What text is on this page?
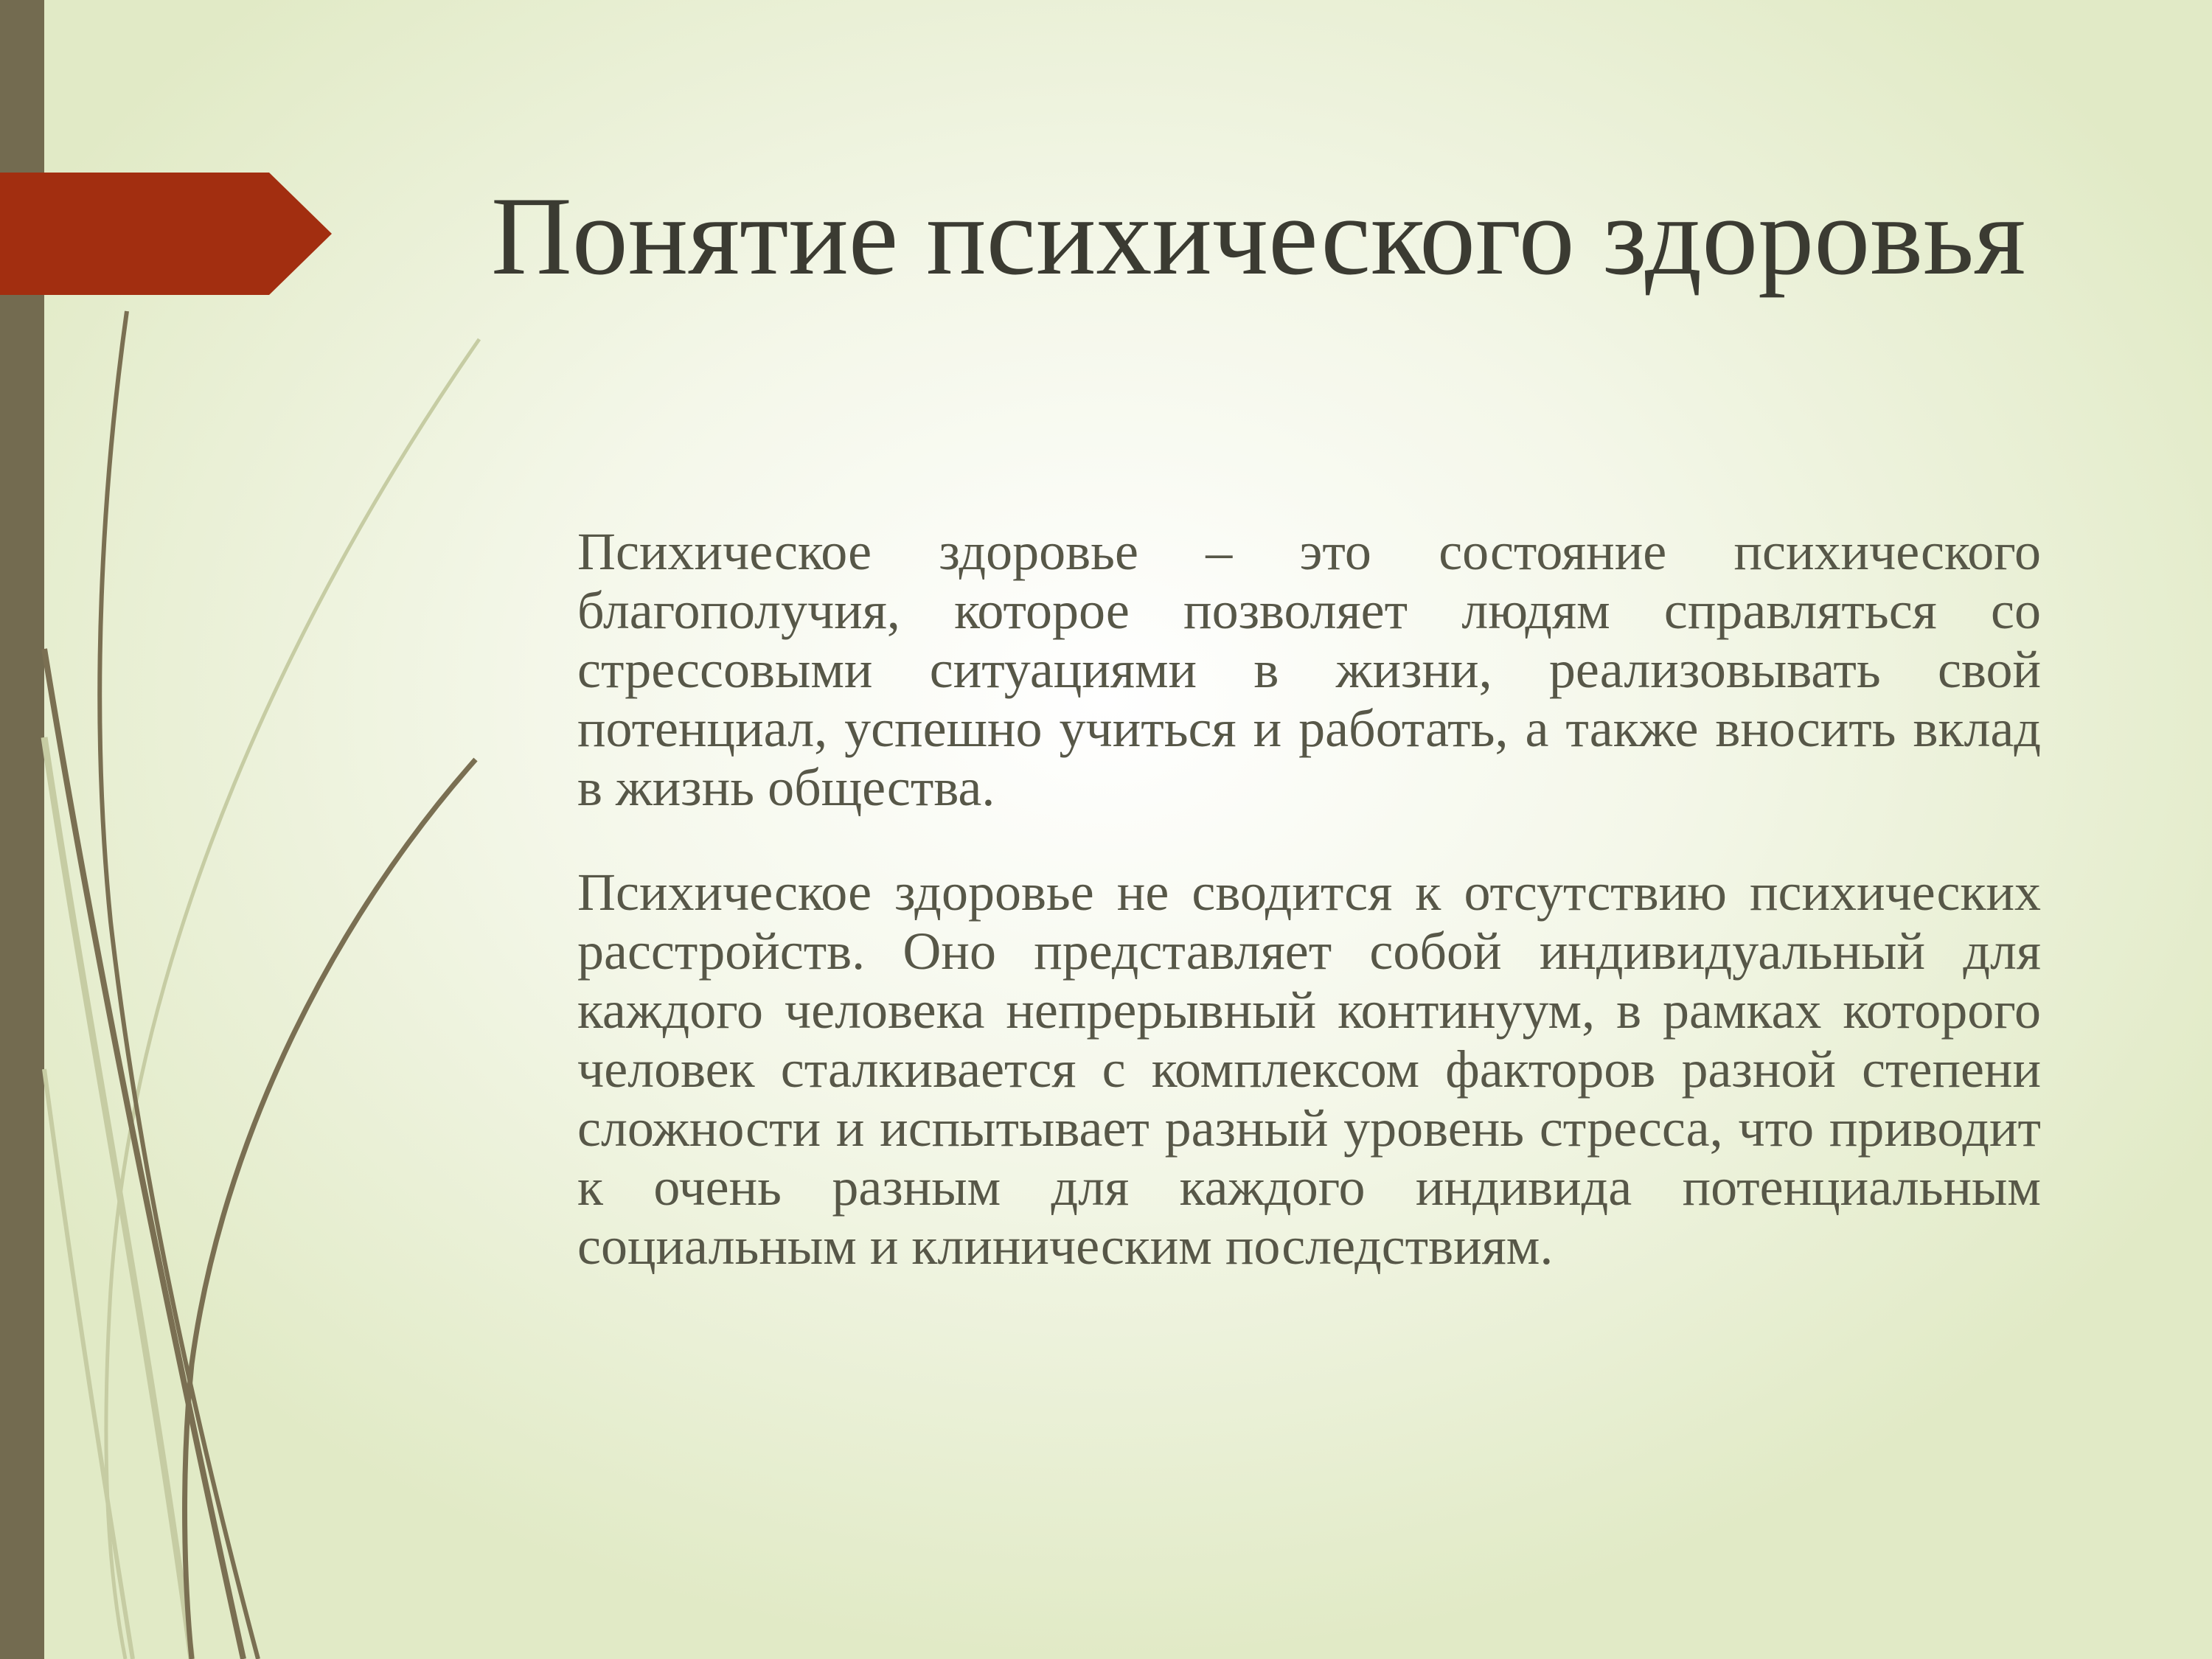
Понятие психического здоровья

Психическое здоровье – это состояние психического благополучия, которое позволяет людям справляться со стрессовыми ситуациями в жизни, реализовывать свой потенциал, успешно учиться и работать, а также вносить вклад в жизнь общества.

Психическое здоровье не сводится к отсутствию психических расстройств. Оно представляет собой индивидуальный для каждого человека непрерывный континуум, в рамках которого человек сталкивается с комплексом факторов разной степени сложности и испытывает разный уровень стресса, что приводит к очень разным для каждого индивида потенциальным социальным и клиническим последствиям.
